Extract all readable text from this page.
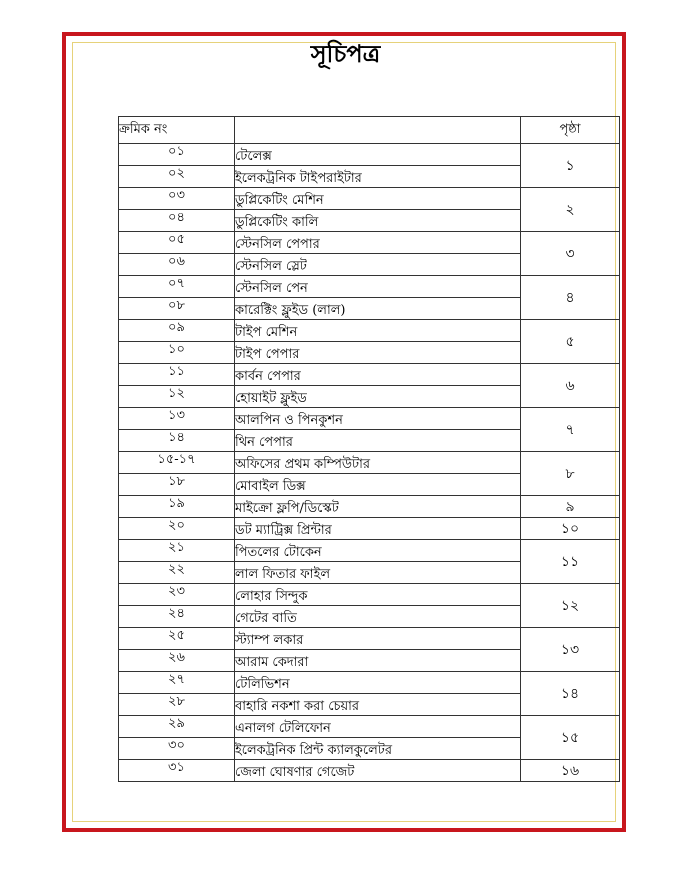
সূচিপত্র
ক্রমিক নং		পৃষ্ঠা
০১	টেলেক্স	১
০২	ইলেকট্রনিক টাইপরাইটার	
০৩	ডুপ্লিকেটিং মেশিন	২
০৪	ডুপ্লিকেটিং কালি	
০৫	স্টেনসিল পেপার	৩
০৬	স্টেনসিল স্লেট	
০৭	স্টেনসিল পেন	৪
০৮	কারেক্টিং ফ্লুইড (লাল)	
০৯	টাইপ মেশিন	৫
১০	টাইপ পেপার	
১১	কার্বন পেপার	৬
১২	হোয়াইট ফ্লুইড	
১৩	আলপিন ও পিনকুশন	৭
১৪	থিন পেপার	
১৫-১৭	অফিসের প্রথম কম্পিউটার	৮
১৮	মোবাইল ডিক্স	
১৯	মাইক্রো ফ্লপি/ডিস্কেট	৯
২০	ডট ম্যাট্রিক্স প্রিন্টার	১০
২১	পিতলের টোকেন	১১
২২	লাল ফিতার ফাইল	
২৩	লোহার সিন্দুক	১২
২৪	গেটের বাতি	
২৫	স্ট্যাম্প লকার	১৩
২৬	আরাম কেদারা	
২৭	টেলিভিশন	১৪
২৮	বাহারি নকশা করা চেয়ার	
২৯	এনালগ টেলিফোন	১৫
৩০	ইলেকট্রনিক প্রিন্ট ক্যালকুলেটর	
৩১	জেলা ঘোষণার গেজেট	১৬
